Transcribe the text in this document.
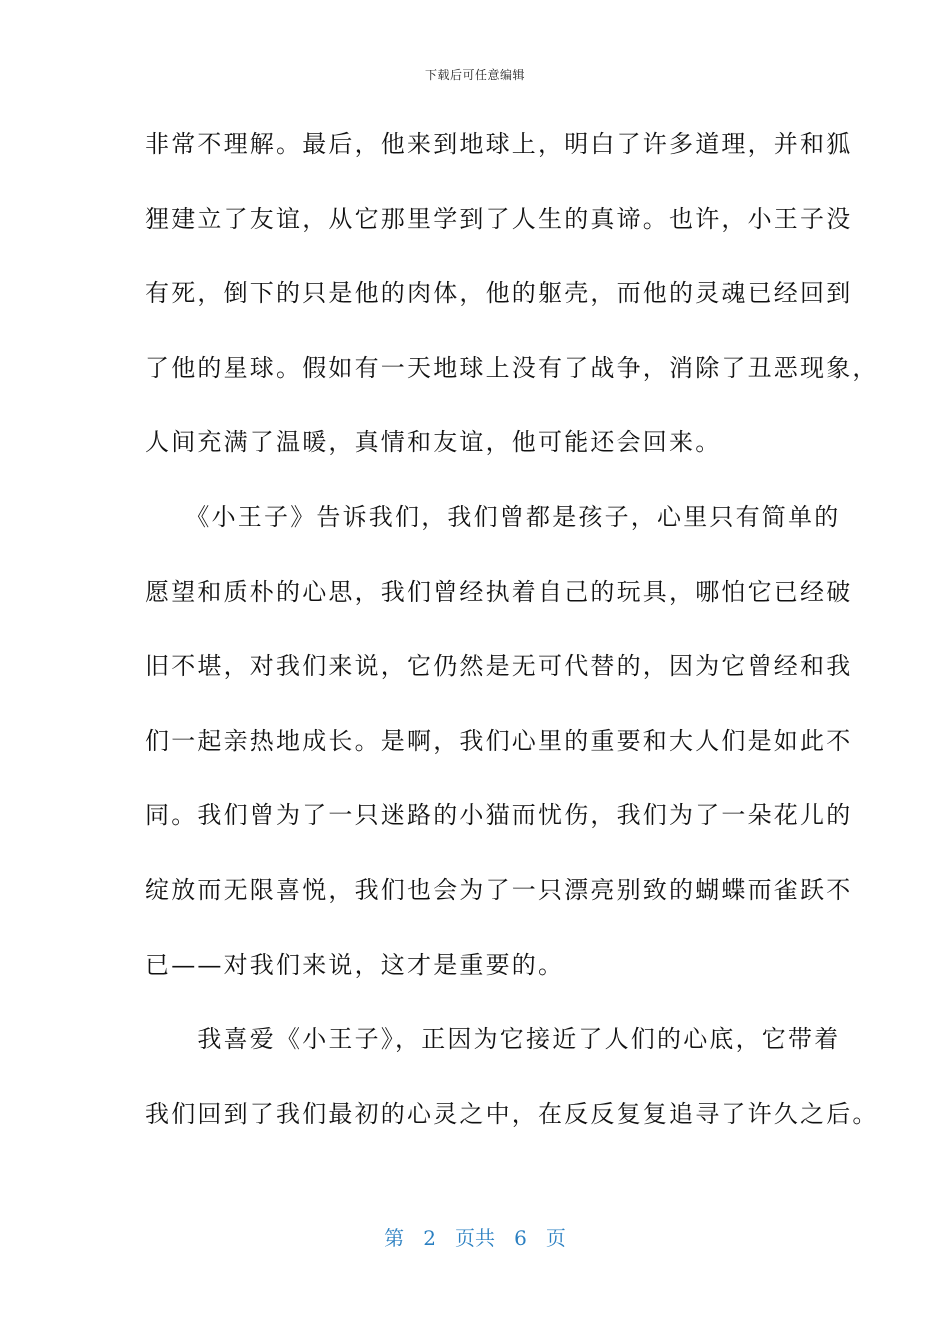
下载后可任意编辑
非常不理解。最后，他来到地球上，明白了许多道理，并和狐
狸建立了友谊，从它那里学到了人生的真谛。也许，小王子没
有死，倒下的只是他的肉体，他的躯壳，而他的灵魂已经回到
了他的星球。假如有一天地球上没有了战争，消除了丑恶现象，
人间充满了温暖，真情和友谊，他可能还会回来。
　　《小王子》告诉我们，我们曾都是孩子，心里只有简单的
愿望和质朴的心思，我们曾经执着自己的玩具，哪怕它已经破
旧不堪，对我们来说，它仍然是无可代替的，因为它曾经和我
们一起亲热地成长。是啊，我们心里的重要和大人们是如此不
同。我们曾为了一只迷路的小猫而忧伤，我们为了一朵花儿的
绽放而无限喜悦，我们也会为了一只漂亮别致的蝴蝶而雀跃不
已——对我们来说，这才是重要的。
　　我喜爱《小王子》，正因为它接近了人们的心底，它带着
我们回到了我们最初的心灵之中，在反反复复追寻了许久之后。
第 2 页共 6 页
